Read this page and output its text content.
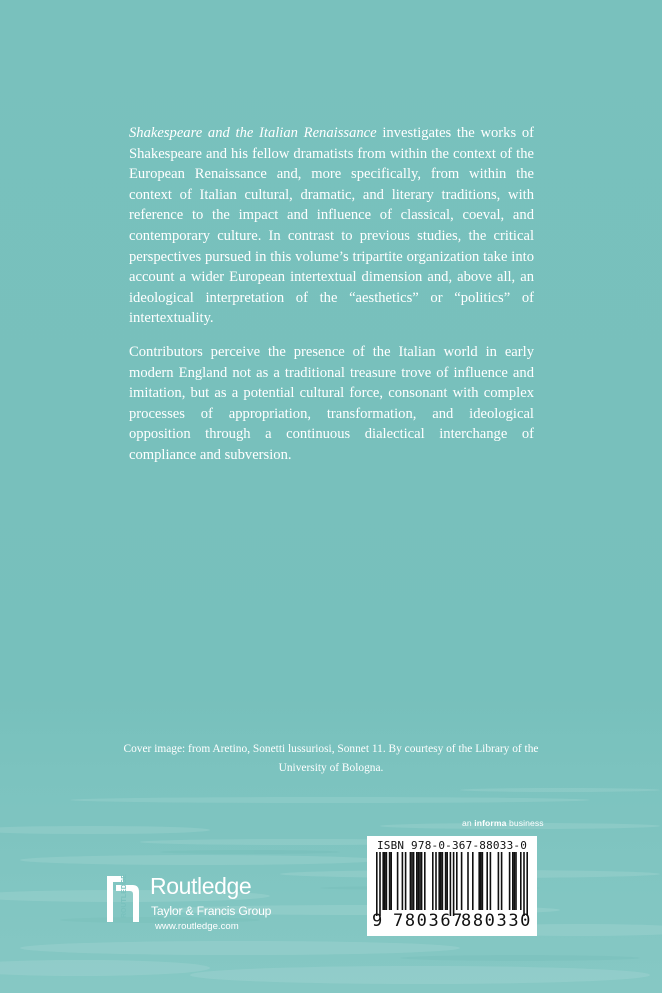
Shakespeare and the Italian Renaissance investigates the works of Shakespeare and his fellow dramatists from within the context of the European Renaissance and, more specifically, from within the context of Italian cultural, dramatic, and literary traditions, with reference to the impact and influence of classical, coeval, and contemporary culture. In contrast to previous studies, the critical perspectives pursued in this volume’s tripartite organization take into account a wider European intertextual dimension and, above all, an ideological interpretation of the “aesthetics” or “politics” of intertextuality.

Contributors perceive the presence of the Italian world in early modern England not as a traditional treasure trove of influence and imitation, but as a potential cultural force, consonant with complex processes of appropriation, transformation, and ideological opposition through a continuous dialectical interchange of compliance and subversion.

Cover image: from Aretino, Sonetti lussuriosi, Sonnet 11. By courtesy of the Library of the
University of Bologna.
an informa business
ISBN 978-0-367-88033-0
9 780367
880330
ROUTLEDGE Routledge
Taylor & Francis Group
www.routledge.com
